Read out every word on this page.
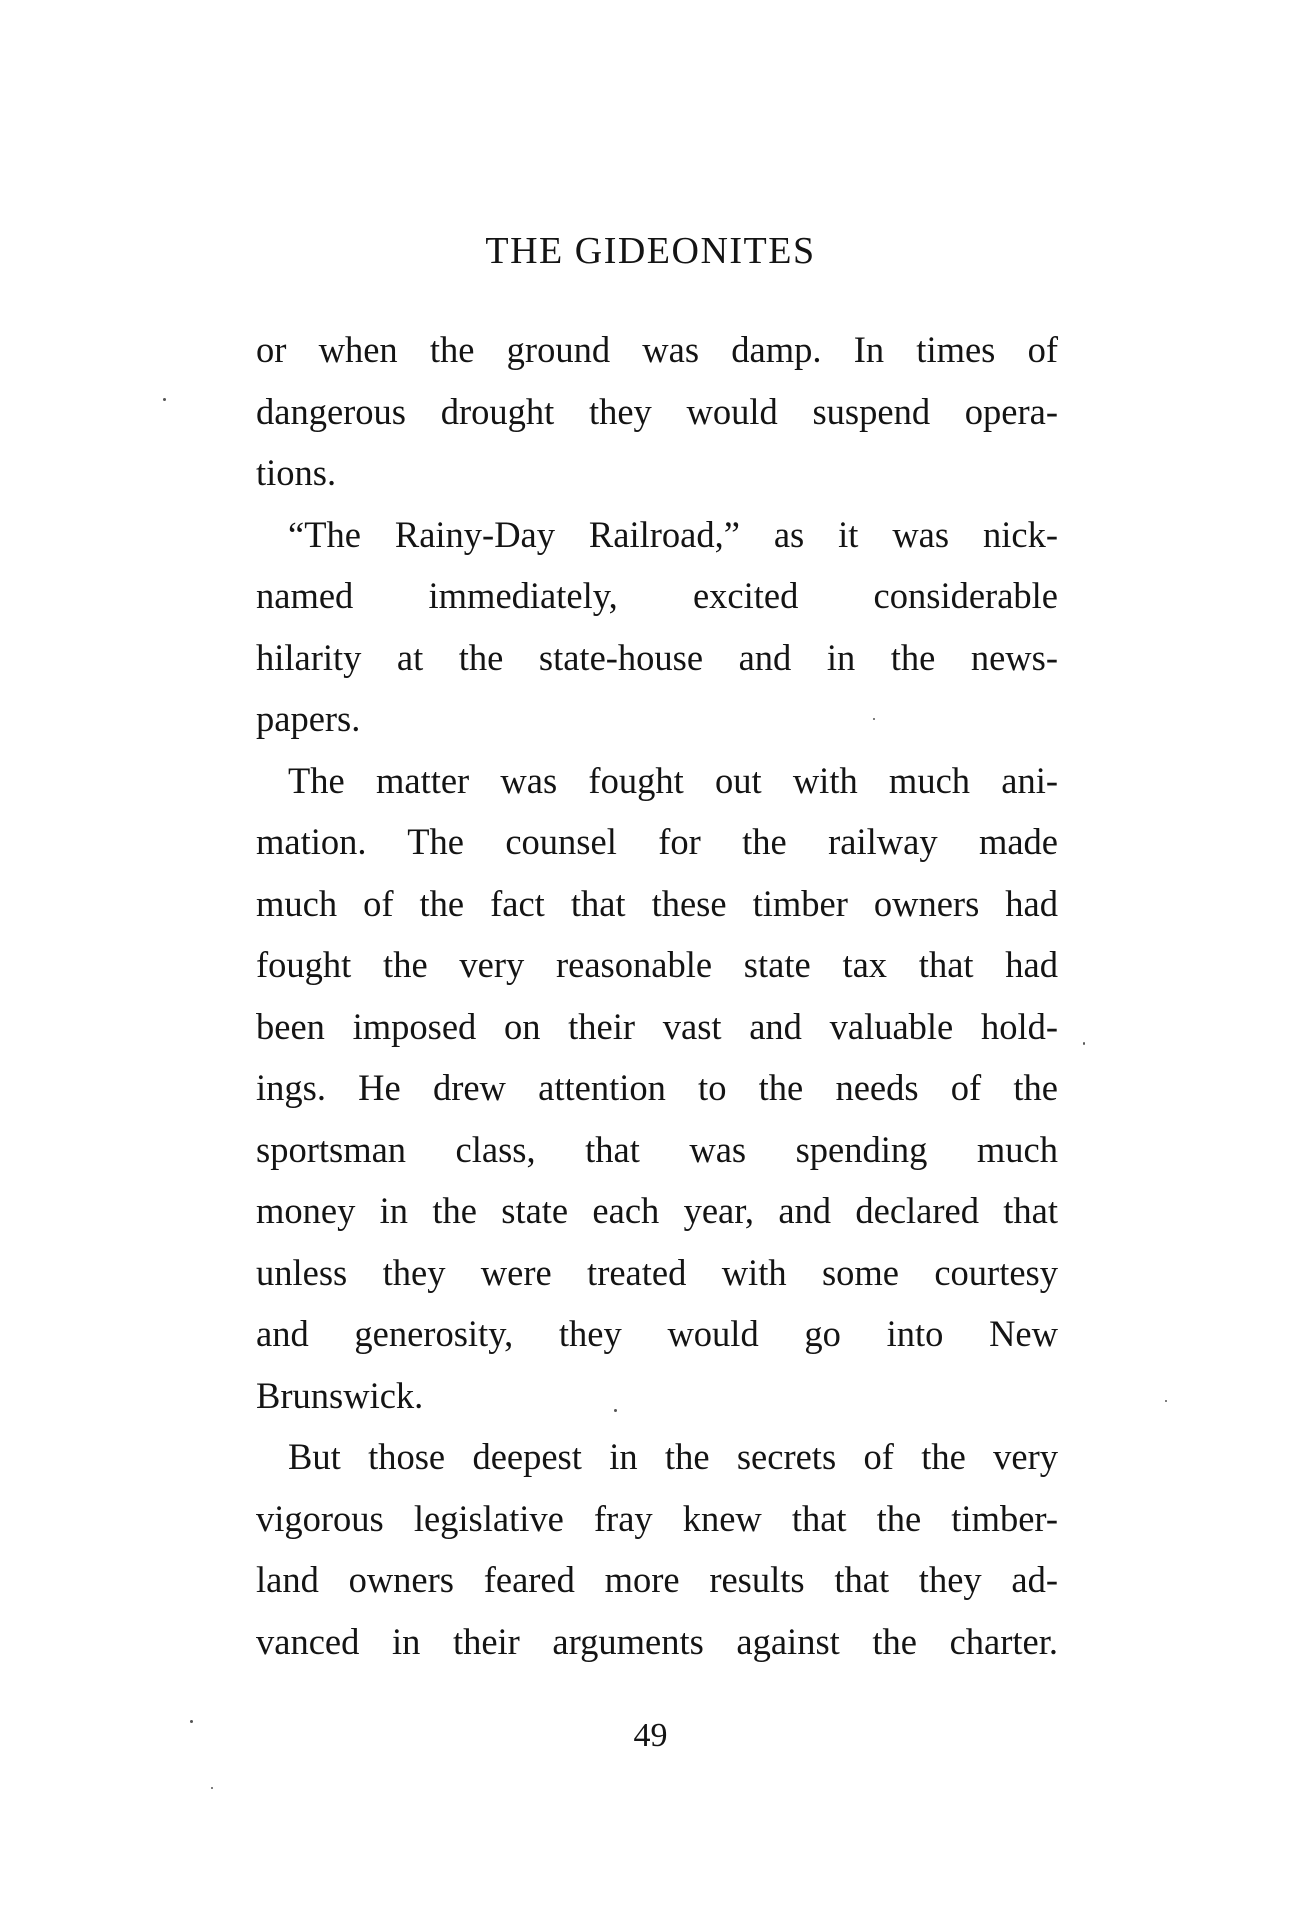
THE GIDEONITES
or when the ground was damp. In times of
dangerous drought they would suspend opera-
tions.
“The Rainy-Day Railroad,” as it was nick-
named immediately, excited considerable
hilarity at the state-house and in the news-
papers.
The matter was fought out with much ani-
mation. The counsel for the railway made
much of the fact that these timber owners had
fought the very reasonable state tax that had
been imposed on their vast and valuable hold-
ings. He drew attention to the needs of the
sportsman class, that was spending much
money in the state each year, and declared that
unless they were treated with some courtesy
and generosity, they would go into New
Brunswick.
But those deepest in the secrets of the very
vigorous legislative fray knew that the timber-
land owners feared more results that they ad-
vanced in their arguments against the charter.
49
